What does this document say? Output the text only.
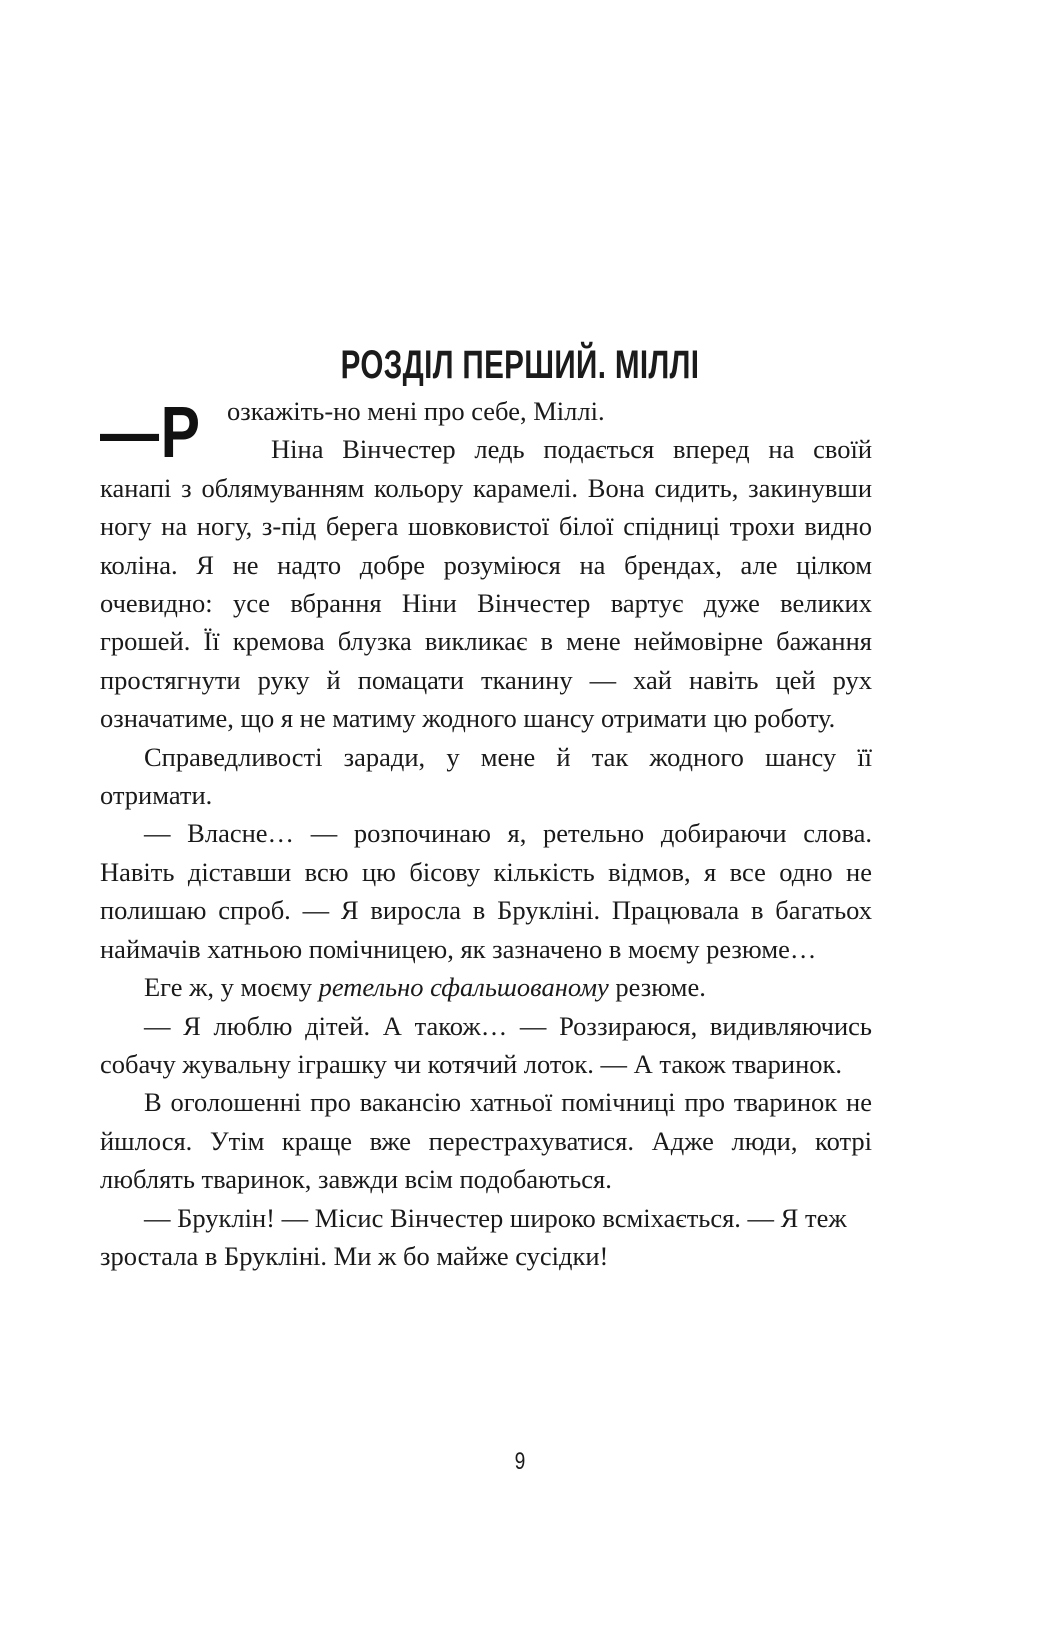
РОЗДІЛ ПЕРШИЙ. МІЛЛІ

—Р озкажіть-но мені про себе, Міллі.

Ніна Вінчестер ледь подається вперед на своїй канапі з облямуванням кольору карамелі. Вона сидить, закинувши ногу на ногу, з-під берега шовковистої білої спідниці трохи видно коліна. Я не надто добре розуміюся на брендах, але цілком очевидно: усе вбрання Ніни Вінчестер вартує дуже великих грошей. Її кремова блузка викликає в мене неймовірне бажання простягнути руку й помацати тканину — хай навіть цей рух означатиме, що я не матиму жодного шансу отримати цю роботу.

Справедливості заради, у мене й так жодного шансу її отримати.

— Власне… — розпочинаю я, ретельно добираючи слова. Навіть діставши всю цю бісову кількість відмов, я все одно не полишаю спроб. — Я виросла в Брукліні. Працювала в багатьох наймачів хатньою помічницею, як зазначено в моєму резюме…

Еге ж, у моєму ретельно сфальшованому резюме.

— Я люблю дітей. А також… — Роззираюся, видивляючись собачу жувальну іграшку чи котячий лоток. — А також тваринок.

В оголошенні про вакансію хатньої помічниці про тваринок не йшлося. Утім краще вже перестрахуватися. Адже люди, котрі люблять тваринок, завжди всім подобаються.

— Бруклін! — Місис Вінчестер широко всміхається. — Я теж зростала в Брукліні. Ми ж бо майже сусідки!

9
